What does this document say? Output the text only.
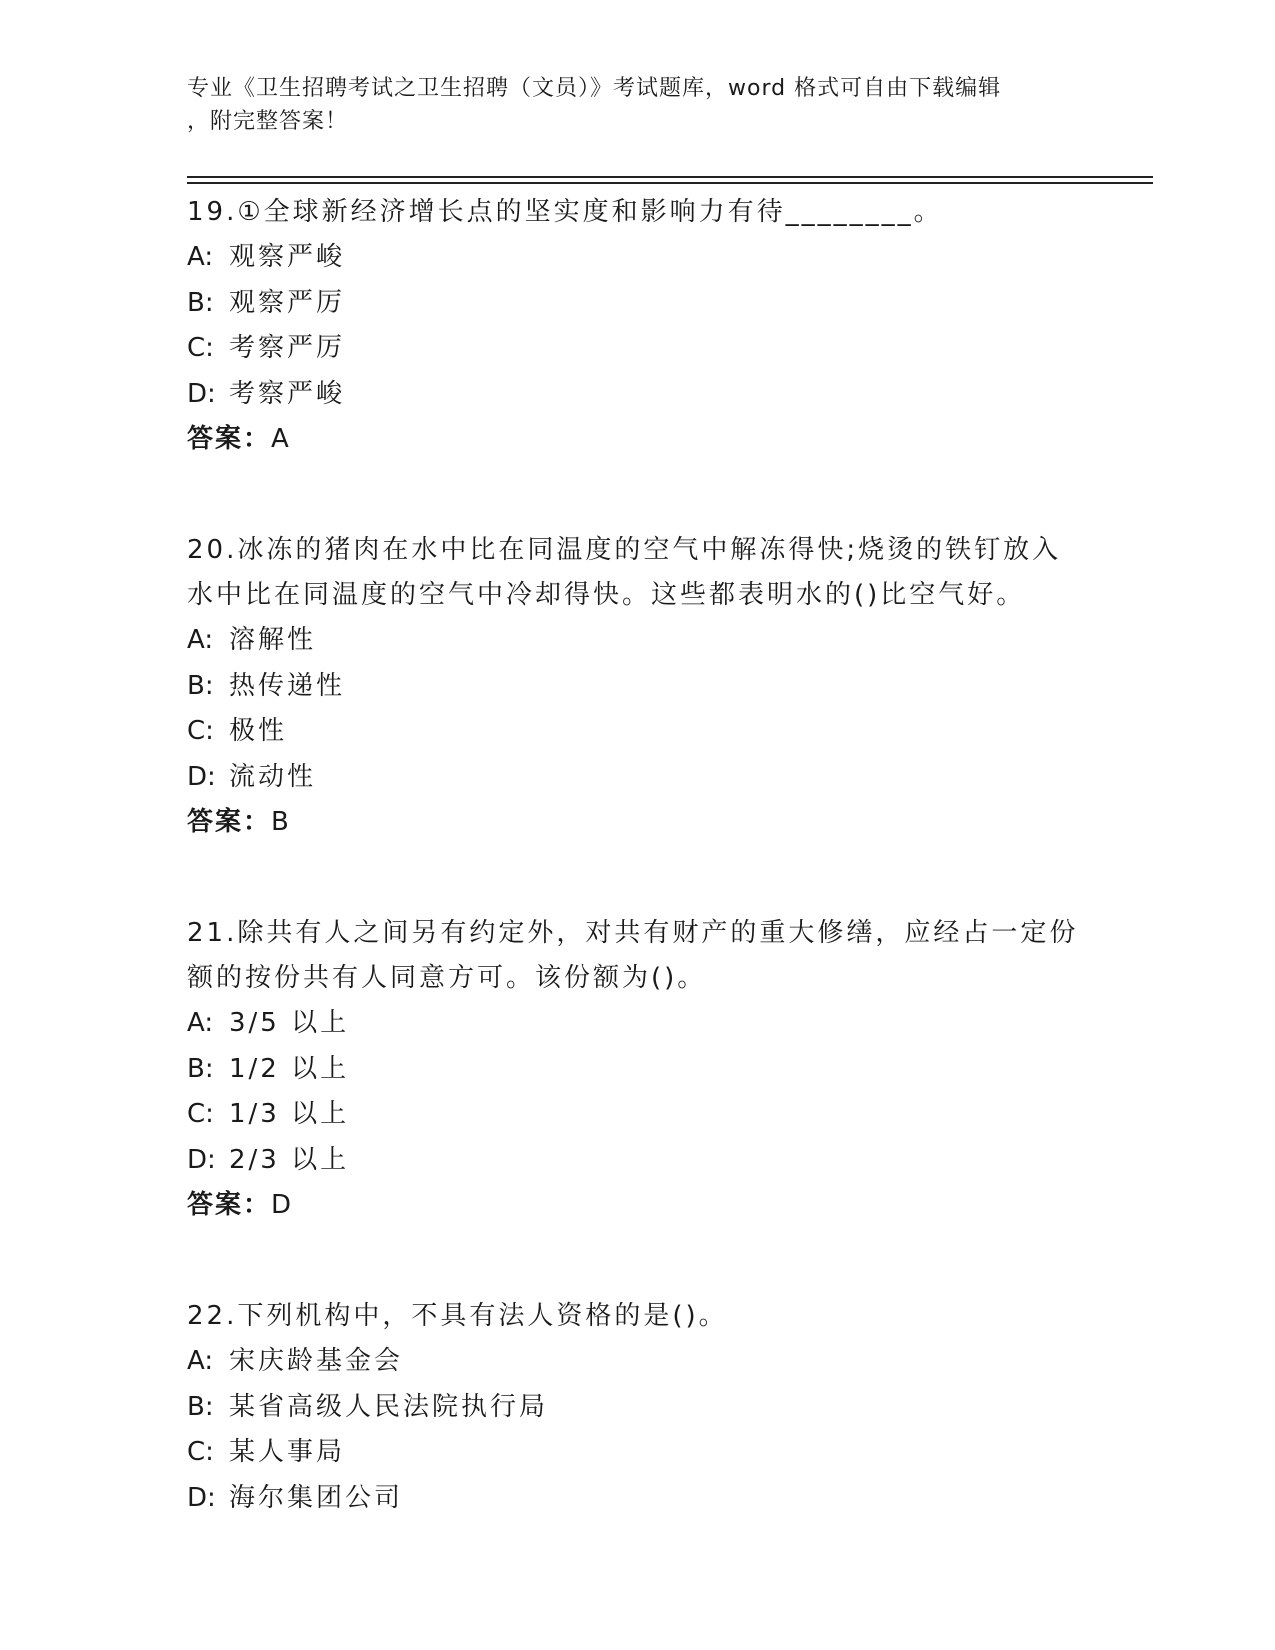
专业《卫生招聘考试之卫生招聘（文员）》考试题库，word 格式可自由下载编辑
，附完整答案！

19.①全球新经济增长点的坚实度和影响力有待________。

A: 观察严峻

B: 观察严厉

C: 考察严厉

D: 考察严峻

答案：A

20.冰冻的猪肉在水中比在同温度的空气中解冻得快;烧烫的铁钉放入水中比在同温度的空气中冷却得快。这些都表明水的()比空气好。

A: 溶解性

B: 热传递性

C: 极性

D: 流动性

答案：B

21.除共有人之间另有约定外，对共有财产的重大修缮，应经占一定份额的按份共有人同意方可。该份额为()。

A: 3/5 以上

B: 1/2 以上

C: 1/3 以上

D: 2/3 以上

答案：D

22.下列机构中，不具有法人资格的是()。

A: 宋庆龄基金会

B: 某省高级人民法院执行局

C: 某人事局

D: 海尔集团公司
